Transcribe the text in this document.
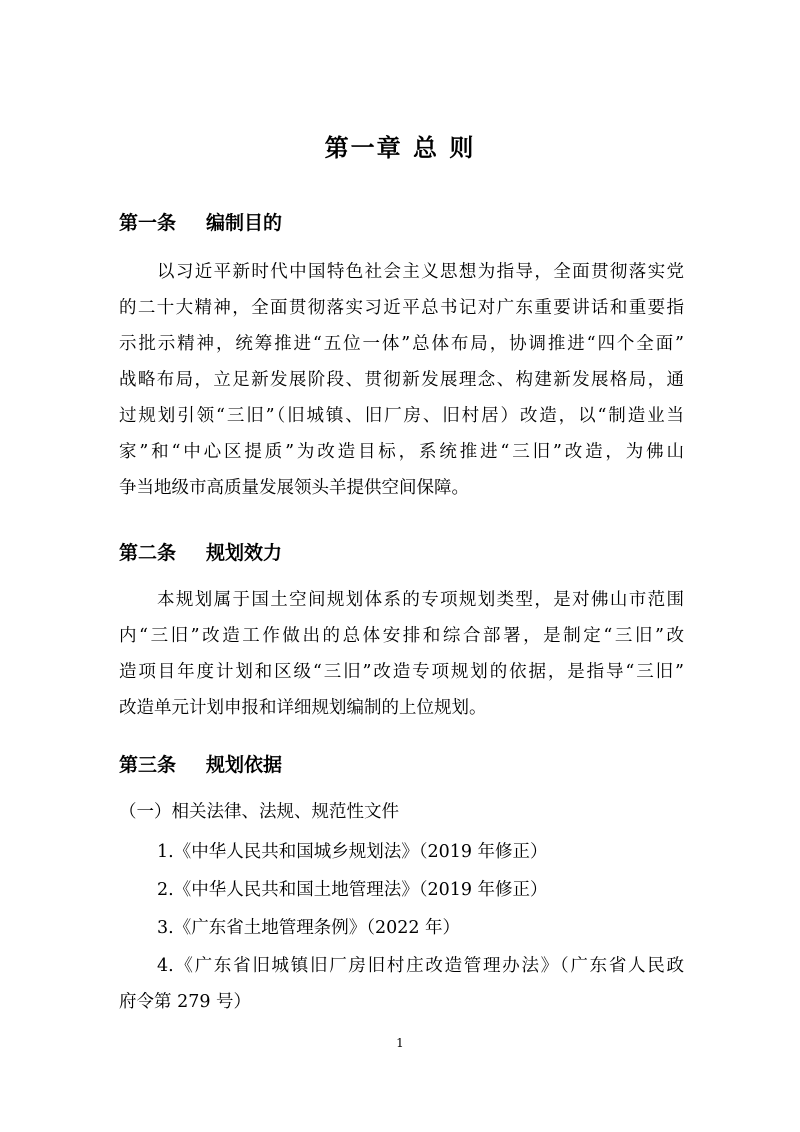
第一章 总 则
第一条 编制目的
以习近平新时代中国特色社会主义思想为指导，全面贯彻落实党
的二十大精神，全面贯彻落实习近平总书记对广东重要讲话和重要指
示批示精神，统筹推进“五位一体”总体布局，协调推进“四个全面”
战略布局，立足新发展阶段、贯彻新发展理念、构建新发展格局，通
过规划引领“三旧”（旧城镇、旧厂房、旧村居）改造，以“制造业当
家”和“中心区提质”为改造目标，系统推进“三旧”改造，为佛山
争当地级市高质量发展领头羊提供空间保障。
第二条 规划效力
本规划属于国土空间规划体系的专项规划类型，是对佛山市范围
内“三旧”改造工作做出的总体安排和综合部署，是制定“三旧”改
造项目年度计划和区级“三旧”改造专项规划的依据，是指导“三旧”
改造单元计划申报和详细规划编制的上位规划。
第三条 规划依据
（一）相关法律、法规、规范性文件
1.《中华人民共和国城乡规划法》（2019 年修正）
2.《中华人民共和国土地管理法》（2019 年修正）
3.《广东省土地管理条例》（2022 年）
4.《广东省旧城镇旧厂房旧村庄改造管理办法》（广东省人民政
府令第 279 号）
1
